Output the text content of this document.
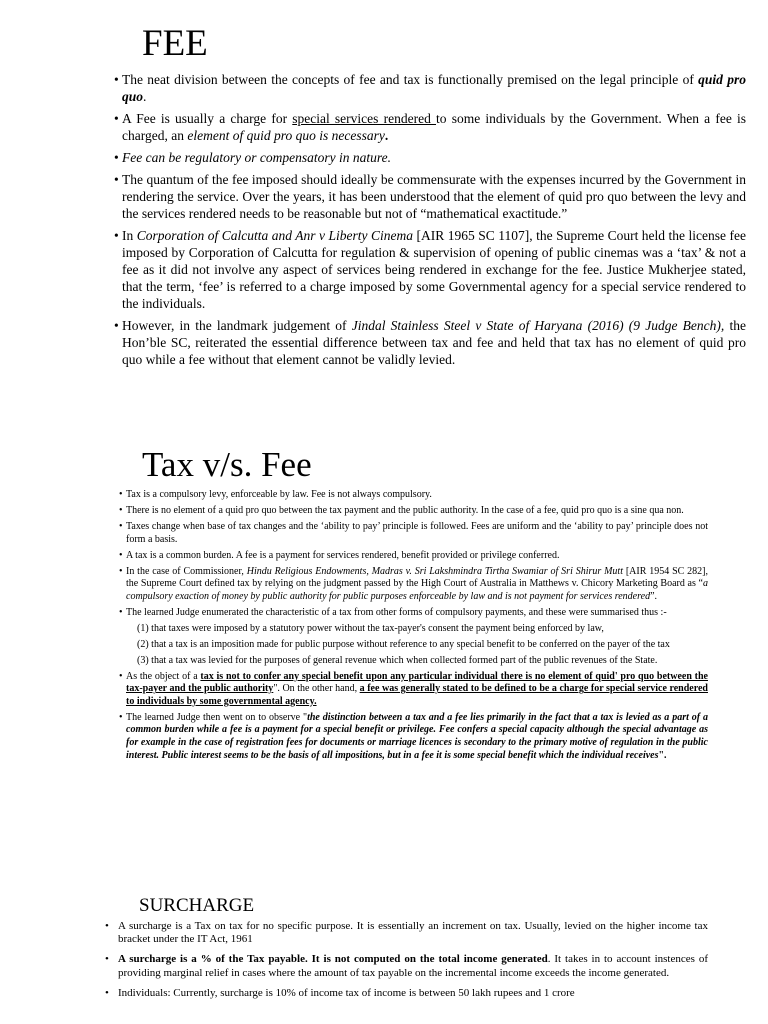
FEE
• The neat division between the concepts of fee and tax is functionally premised on the legal principle of quid pro quo.
• A Fee is usually a charge for special services rendered to some individuals by the Government. When a fee is charged, an element of quid pro quo is necessary.
• Fee can be regulatory or compensatory in nature.
• The quantum of the fee imposed should ideally be commensurate with the expenses incurred by the Government in rendering the service. Over the years, it has been understood that the element of quid pro quo between the levy and the services rendered needs to be reasonable but not of “mathematical exactitude.”
• In Corporation of Calcutta and Anr v Liberty Cinema [AIR 1965 SC 1107], the Supreme Court held the license fee imposed by Corporation of Calcutta for regulation & supervision of opening of public cinemas was a ‘tax’ & not a fee as it did not involve any aspect of services being rendered in exchange for the fee. Justice Mukherjee stated, that the term, ‘fee’ is referred to a charge imposed by some Governmental agency for a special service rendered to the individuals.
• However, in the landmark judgement of Jindal Stainless Steel v State of Haryana (2016) (9 Judge Bench), the Hon’ble SC, reiterated the essential difference between tax and fee and held that tax has no element of quid pro quo while a fee without that element cannot be validly levied.
Tax v/s. Fee
• Tax is a compulsory levy, enforceable by law. Fee is not always compulsory.
• There is no element of a quid pro quo between the tax payment and the public authority. In the case of a fee, quid pro quo is a sine qua non.
• Taxes change when base of tax changes and the ‘ability to pay’ principle is followed. Fees are uniform and the ‘ability to pay’ principle does not form a basis.
• A tax is a common burden. A fee is a payment for services rendered, benefit provided or privilege conferred.
• In the case of Commissioner, Hindu Religious Endowments, Madras v. Sri Lakshmindra Tirtha Swamiar of Sri Shirur Mutt [AIR 1954 SC 282], the Supreme Court defined tax by relying on the judgment passed by the High Court of Australia in Matthews v. Chicory Marketing Board as “a compulsory exaction of money by public authority for public purposes enforceable by law and is not payment for services rendered”.
• The learned Judge enumerated the characteristic of a tax from other forms of compulsory payments, and these were summarised thus :-
(1) that taxes were imposed by a statutory power without the tax-payer's consent the payment being enforced by law,
(2) that a tax is an imposition made for public purpose without reference to any special benefit to be conferred on the payer of the tax
(3) that a tax was levied for the purposes of general revenue which when collected formed part of the public revenues of the State.
• As the object of a tax is not to confer any special benefit upon any particular individual there is no element of quid' pro quo between the tax-payer and the public authority". On the other hand, a fee was generally stated to be defined to be a charge for special service rendered to individuals by some governmental agency.
• The learned Judge then went on to observe "the distinction between a tax and a fee lies primarily in the fact that a tax is levied as a part of a common burden while a fee is a payment for a special benefit or privilege. Fee confers a special capacity although the special advantage as for example in the case of registration fees for documents or marriage licences is secondary to the primary motive of regulation in the public interest. Public interest seems to be the basis of all impositions, but in a fee it is some special benefit which the individual receives".
SURCHARGE
• A surcharge is a Tax on tax for no specific purpose. It is essentially an increment on tax. Usually, levied on the higher income tax bracket under the IT Act, 1961
• A surcharge is a % of the Tax payable. It is not computed on the total income generated. It takes in to account instences of providing marginal relief in cases where the amount of tax payable on the incremental income exceeds the income generated.
• Individuals: Currently, surcharge is 10% of income tax of income is between 50 lakh rupees and 1 crore
